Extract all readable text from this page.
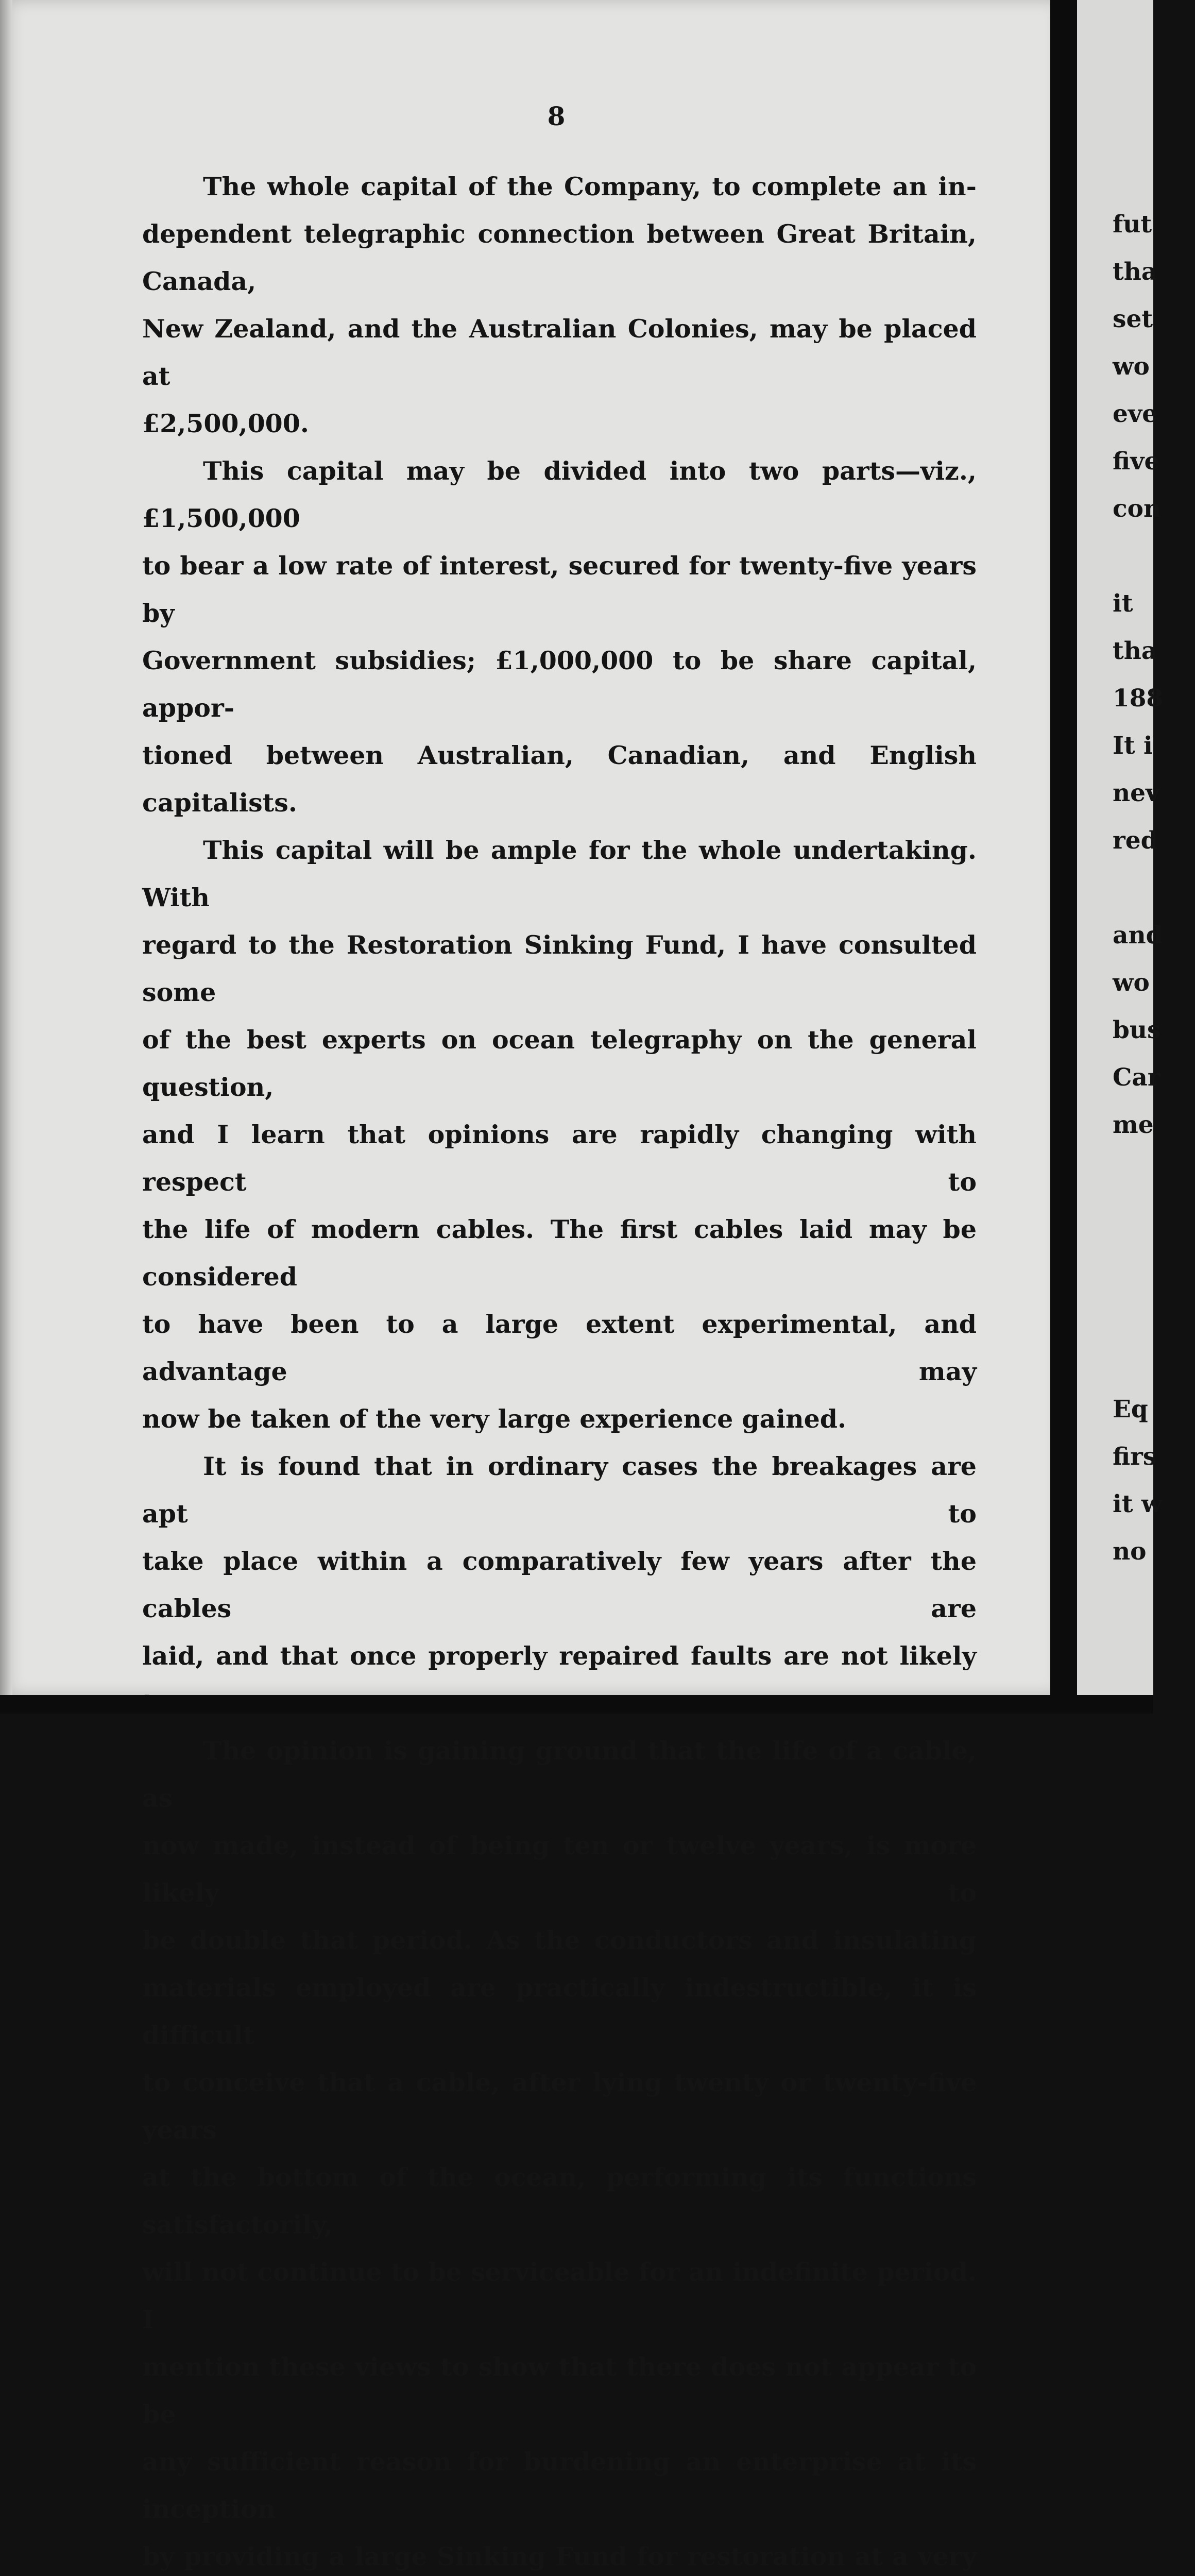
8
The whole capital of the Company, to complete an in-
dependent telegraphic connection between Great Britain, Canada,
New Zealand, and the Australian Colonies, may be placed at
£2,500,000.
This capital may be divided into two parts—viz., £1,500,000
to bear a low rate of interest, secured for twenty-five years by
Government subsidies; £1,000,000 to be share capital, appor-
tioned between Australian, Canadian, and English capitalists.
This capital will be ample for the whole undertaking. With
regard to the Restoration Sinking Fund, I have consulted some
of the best experts on ocean telegraphy on the general question,
and I learn that opinions are rapidly changing with respect to
the life of modern cables. The first cables laid may be considered
to have been to a large extent experimental, and advantage may
now be taken of the very large experience gained.
It is found that in ordinary cases the breakages are apt to
take place within a comparatively few years after the cables are
laid, and that once properly repaired faults are not likely
The opinion is gaining ground that the life of a cable, as
now made, instead of being ten or twelve years, is more likely to
be double that period. As the conductors and insulating
materials employed are practically indestructible, it is difficult
to conceive that a cable, after lying twenty or twenty-five years
at the bottom of the ocean, performing its functions satisfactorily,
will not continue to be serviceable for an indefinite period. I
mention these views to show that there does not appear to be
any sufficient reason for burdening an enterprise at its inception
by providing a large Sinking Fund for restoration at a very
fut
tha
set
wo
eve
five
con
it
tha
188
It i
nev
red
and
wo
bus
Car
me
Eq
firs
it w
no
